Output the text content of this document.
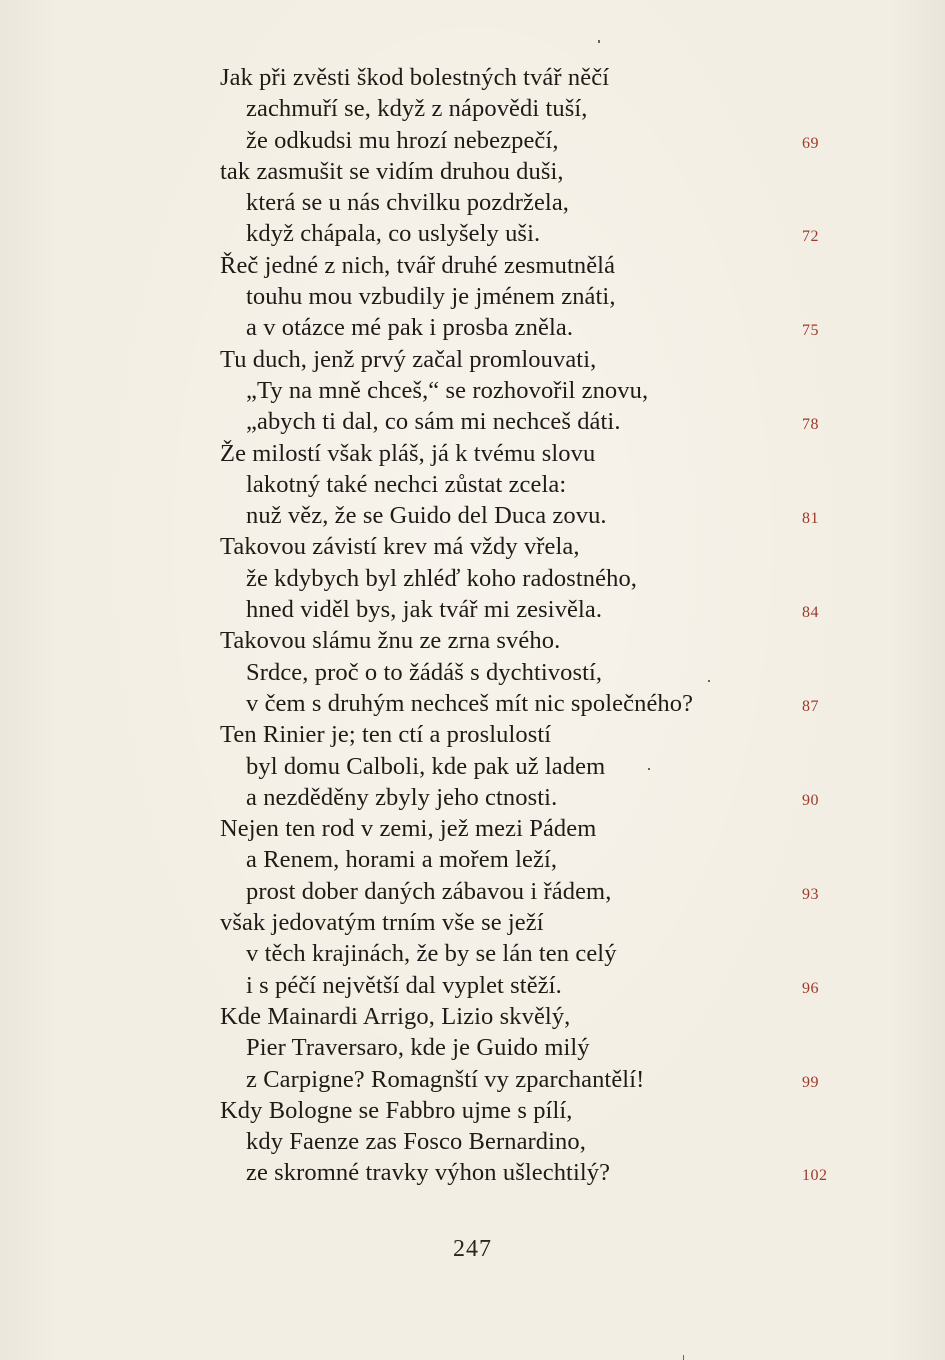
Jak při zvěsti škod bolestných tvář něčí
zachmuří se, když z nápovědi tuší,
že odkudsi mu hrozí nebezpečí,	69
tak zasmušit se vidím druhou duši,
která se u nás chvilku pozdržela,
když chápala, co uslyšely uši.	72
Řeč jedné z nich, tvář druhé zesmutnělá
touhu mou vzbudily je jménem znáti,
a v otázce mé pak i prosba zněla.	75
Tu duch, jenž prvý začal promlouvati,
„Ty na mně chceš,“ se rozhovořil znovu,
„abych ti dal, co sám mi nechceš dáti.	78
Že milostí však pláš, já k tvému slovu
lakotný také nechci zůstat zcela:
nuž věz, že se Guido del Duca zovu.	81
Takovou závistí krev má vždy vřela,
že kdybych byl zhléď koho radostného,
hned viděl bys, jak tvář mi zesivěla.	84
Takovou slámu žnu ze zrna svého.
Srdce, proč o to žádáš s dychtivostí,
v čem s druhým nechceš mít nic společného?	87
Ten Rinier je; ten ctí a proslulostí
byl domu Calboli, kde pak už ladem
a nezděděny zbyly jeho ctnosti.	90
Nejen ten rod v zemi, jež mezi Pádem
a Renem, horami a mořem leží,
prost dober daných zábavou i řádem,	93
však jedovatým trním vše se ježí
v těch krajinách, že by se lán ten celý
i s péčí největší dal vyplet stěží.	96
Kde Mainardi Arrigo, Lizio skvělý,
Pier Traversaro, kde je Guido milý
z Carpigne? Romagnští vy zparchantělí!	99
Kdy Bologne se Fabbro ujme s pílí,
kdy Faenze zas Fosco Bernardino,
ze skromné travky výhon ušlechtilý?	102
247
